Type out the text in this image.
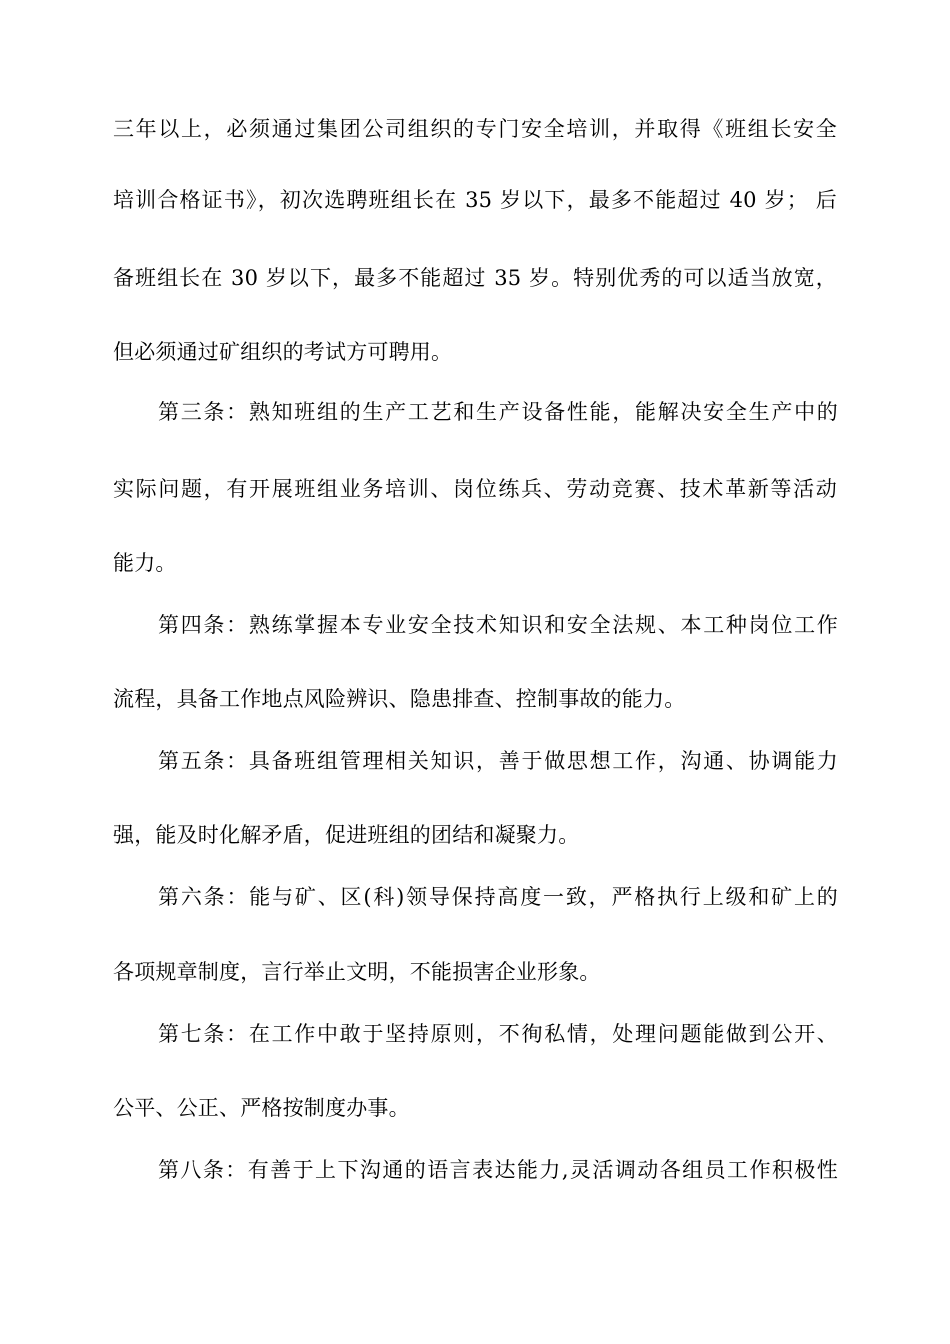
三年以上，必须通过集团公司组织的专门安全培训，并取得《班组长安全
培训合格证书》，初次选聘班组长在 35 岁以下，最多不能超过 40 岁； 后
备班组长在 30 岁以下，最多不能超过 35 岁。特别优秀的可以适当放宽，
但必须通过矿组织的考试方可聘用。
第三条：熟知班组的生产工艺和生产设备性能，能解决安全生产中的
实际问题，有开展班组业务培训、岗位练兵、劳动竞赛、技术革新等活动
能力。
第四条：熟练掌握本专业安全技术知识和安全法规、本工种岗位工作
流程，具备工作地点风险辨识、隐患排查、控制事故的能力。
第五条：具备班组管理相关知识，善于做思想工作，沟通、协调能力
强，能及时化解矛盾，促进班组的团结和凝聚力。
第六条：能与矿、区(科)领导保持高度一致，严格执行上级和矿上的
各项规章制度，言行举止文明，不能损害企业形象。
第七条：在工作中敢于坚持原则，不徇私情，处理问题能做到公开、
公平、公正、严格按制度办事。
第八条：有善于上下沟通的语言表达能力,灵活调动各组员工作积极性
